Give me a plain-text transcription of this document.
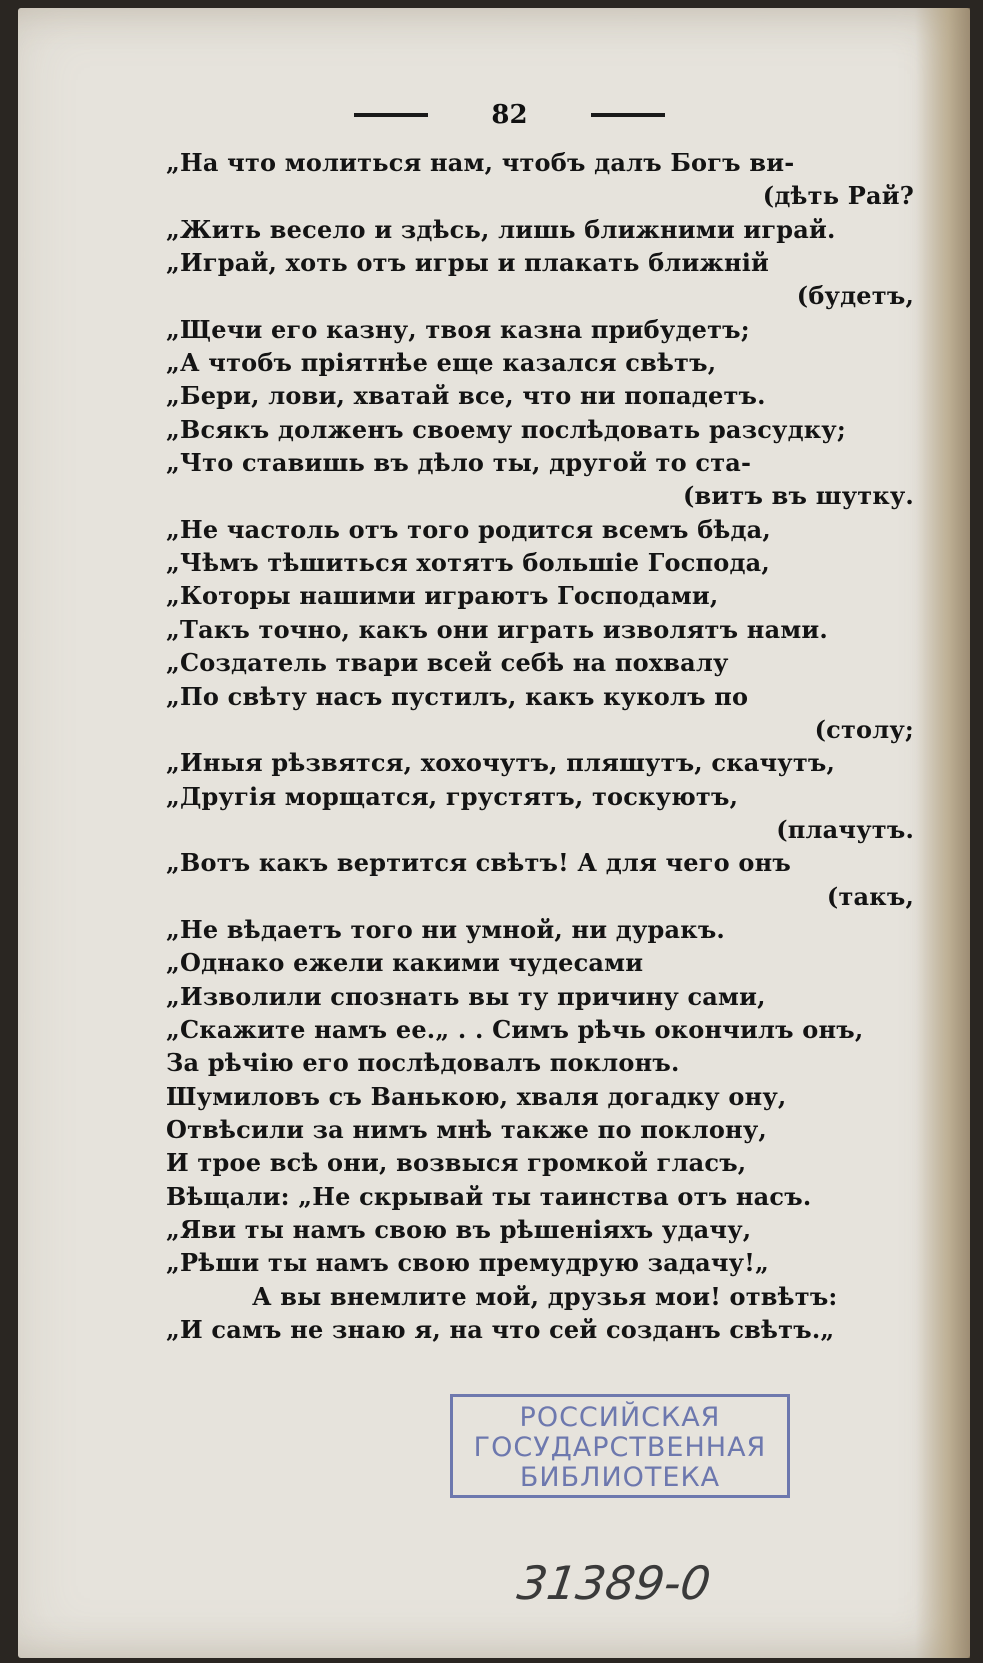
82
„На что молиться нам, чтобъ далъ Богъ ви-
(дѣть Рай?
„Жить весело и здѣсь, лишь ближними играй.
„Играй, хоть отъ игры и плакать ближній
(будетъ,
„Щечи его казну, твоя казна прибудетъ;
„А чтобъ пріятнѣе еще казался свѣтъ,
„Бери, лови, хватай все, что ни попадетъ.
„Всякъ долженъ своему послѣдовать разсудку;
„Что ставишь въ дѣло ты, другой то ста-
(витъ въ шутку.
„Не частоль отъ того родится всемъ бѣда,
„Чѣмъ тѣшиться хотятъ большіе Господа,
„Которы нашими играютъ Господами,
„Такъ точно, какъ они играть изволятъ нами.
„Создатель твари всей себѣ на похвалу
„По свѣту насъ пустилъ, какъ куколъ по
(столу;
„Иныя рѣзвятся, хохочутъ, пляшутъ, скачутъ,
„Другія морщатся, грустятъ, тоскуютъ,
(плачутъ.
„Вотъ какъ вертится свѣтъ! А для чего онъ
(такъ,
„Не вѣдаетъ того ни умной, ни дуракъ.
„Однако ежели какими чудесами
„Изволили спознать вы ту причину сами,
„Скажите намъ ее.„ . . Симъ рѣчь окончилъ онъ,
За рѣчію его послѣдовалъ поклонъ.
Шумиловъ съ Ванькою, хваля догадку ону,
Отвѣсили за нимъ мнѣ также по поклону,
И трое всѣ они, возвыся громкой гласъ,
Вѣщали: „Не скрывай ты таинства отъ насъ.
„Яви ты намъ свою въ рѣшеніяхъ удачу,
„Рѣши ты намъ свою премудрую задачу!„
А вы внемлите мой, друзья мои! отвѣтъ:
„И самъ не знаю я, на что сей созданъ свѣтъ.„
РОССИЙСКАЯ
ГОСУДАРСТВЕННАЯ
БИБЛИОТЕКА
31389-0
